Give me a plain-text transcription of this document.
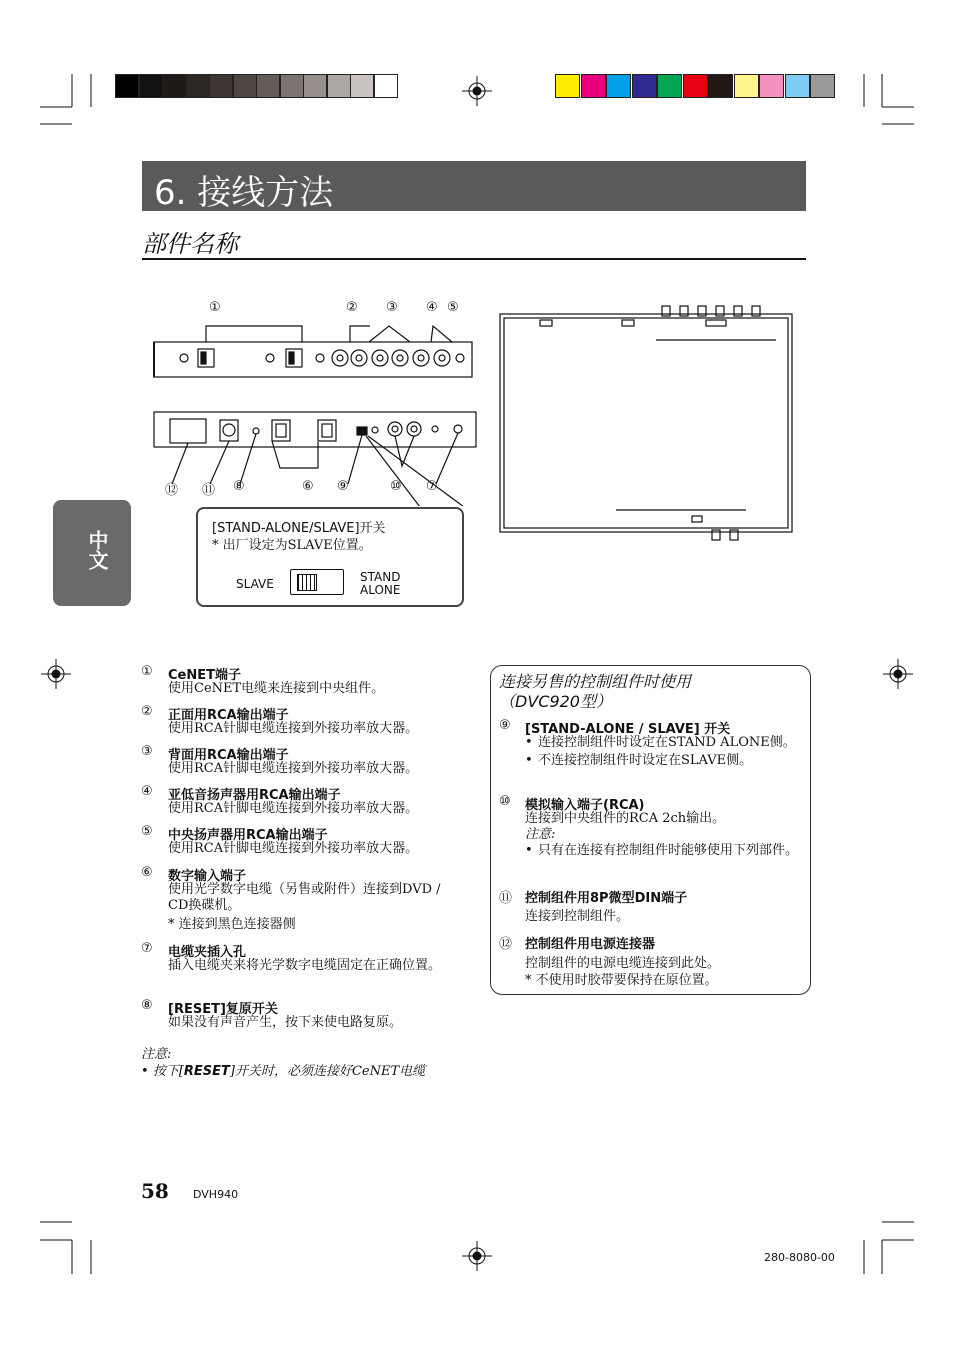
6. 接线方法
部件名称
中文
①	② ③ ④ ⑤
⑫ ⑪ ⑧	⑥ ⑨	⑩ ⑦
[STAND-ALONE/SLAVE]开关
* 出厂设定为SLAVE位置。
SLAVE	STAND
ALONE
① CeNET端子
使用CeNET电缆来连接到中央组件。
② 正面用RCA输出端子
使用RCA针脚电缆连接到外接功率放大器。
③ 背面用RCA输出端子
使用RCA针脚电缆连接到外接功率放大器。
④ 亚低音扬声器用RCA输出端子
使用RCA针脚电缆连接到外接功率放大器。
⑤ 中央扬声器用RCA输出端子
使用RCA针脚电缆连接到外接功率放大器。
⑥ 数字输入端子
使用光学数字电缆（另售或附件）连接到DVD / CD换碟机。
* 连接到黑色连接器侧
⑦ 电缆夹插入孔
插入电缆夹来将光学数字电缆固定在正确位置。
⑧ [RESET]复原开关
如果没有声音产生，按下来使电路复原。
注意:
• 按下[RESET]开关时，必须连接好CeNET电缆
连接另售的控制组件时使用
（DVC920型）
⑨ [STAND-ALONE / SLAVE] 开关
• 连接控制组件时设定在STAND ALONE侧。
• 不连接控制组件时设定在SLAVE侧。
⑩ 模拟输入端子(RCA)
连接到中央组件的RCA 2ch输出。
注意:
• 只有在连接有控制组件时能够使用下列部件。
⑪ 控制组件用8P微型DIN端子
连接到控制组件。
⑫ 控制组件用电源连接器
控制组件的电源电缆连接到此处。
* 不使用时胶带要保持在原位置。
58 DVH940
280-8080-00
